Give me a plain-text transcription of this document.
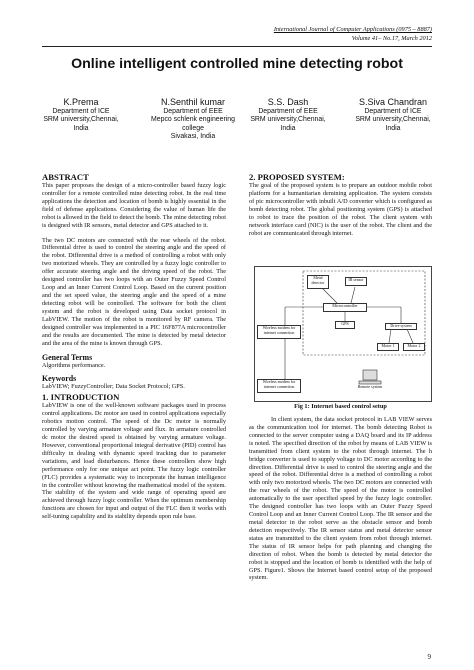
International Journal of Computer Applications (0975 – 8887)
Volume 41– No.17, March 2012
Online intelligent controlled mine detecting robot
K.Prema
Department of ICE
SRM university,Chennai,
India
N.Senthil kumar
Department of EEE
Mepco schlenk engineering
college
Sivakasi, India
S.S. Dash
Department of EEE
SRM university,Chennai,
India
S.Siva Chandran
Department of ICE
SRM university,Chennai,
India
ABSTRACT

This paper proposes the design of a micro-controller based fuzzy logic controller for a remote controlled mine detecting robot. In the real time applications the detection and location of bomb is highly essential in the field of defense applications. Considering the value of human life the robot is allowed in the field to detect the bomb. The mine detecting robot is designed with IR sensors, metal detector and GPS attached to it.

The two DC motors are connected with the rear wheels of the robot. Differential drive is used to control the steering angle and the speed of the robot. Differential drive is a method of controlling a robot with only two motorized wheels. They are controlled by a fuzzy logic controller to offer accurate steering angle and the driving speed of the robot. The designed controller has two loops with an Outer Fuzzy Speed Control Loop and an Inner Current Control Loop. Based on the current position and the set speed value, the steering angle and the speed of a mine detecting robot will be controlled. The software for both the client system and the robot is developed using Data socket protocol in LabVIEW. The motion of the robot is monitored by RF camera. The designed controller was implemented in a PIC 16F877A microcontroller and the results are documented. The mine is detected by metal detector and the area of the mine is known through GPS.

General Terms

Algorithms performance.

Keywords

LabVIEW; FuzzyController; Data Socket Protocol; GPS.

1. INTRODUCTION

LabVIEW is one of the well-known software packages used in process control applications. Dc motor are used in control applications especially robotics motion control. The speed of the Dc motor is normally controlled by varying armature voltage and flux. In armature controlled dc motor the desired speed is obtained by varying armature voltage. However, conventional proportional integral derivative (PID) control has difficulty in dealing with dynamic speed tracking due to parameter variations, and load disturbances. Hence these controllers show high performance only for one unique act point. The fuzzy logic controller (FLC) provides a systematic way to incorporate the human intelligence in the controller without knowing the mathematical model of the system. The stability of the system and wide range of operating speed are achieved through fuzzy logic controller. When the optimum membership functions are chosen for input and output of the FLC then it works with self-tuning capability and its stability depends upon rule base.

2. PROPOSED SYSTEM:

The goal of the proposed system is to prepare an outdoor mobile robot platform for a humanitarian demining application. The system consists of pic microcontroller with inbuilt A/D converter which is configured as bomb detecting robot. The global positioning system (GPS) is attached to robot to trace the position of the robot. The client system with network interface card (NIC) is the user of the robot. The client and the robot are communicated through internet.

Metal detector
IR sensor
Microcontroller
GPS	Drive system
Motor 1	Motor 2
Wireless modem for internet connection
Wireless modem for internet connection	Remote system
Fig 1: Internet based control setup
In client system, the data socket protocol in LAB VIEW serves as the communication tool for internet. The bomb detecting Robot is connected to the server computer using a DAQ board and its IP address is noted. The specified direction of the robot by means of LAB VIEW is transmitted from client system to the robot through internet. The h bridge converter is used to supply voltage to DC motor according to the direction. Differential drive is used to control the steering angle and the speed of the robot. Differential drive is a method of controlling a robot with only two motorized wheels. The two DC motors are connected with the rear wheels of the robot. The speed of the motor is controlled automatically to the user specified speed by the fuzzy logic controller. The designed controller has two loops with an Outer Fuzzy Speed Control Loop and an Inner Current Control Loop. The IR sensor and the metal detector in the robot serve as the obstacle sensor and bomb detection respectively. The IR sensor status and metal detector sensor status are transmitted to the client system from robot through internet. The status of IR sensor helps for path planning and changing the direction of robot. When the bomb is detected by metal detector the robot is stopped and the location of bomb is identified with the help of GPS. Figure1. Shows the Internet based control setup of the proposed system.
9
